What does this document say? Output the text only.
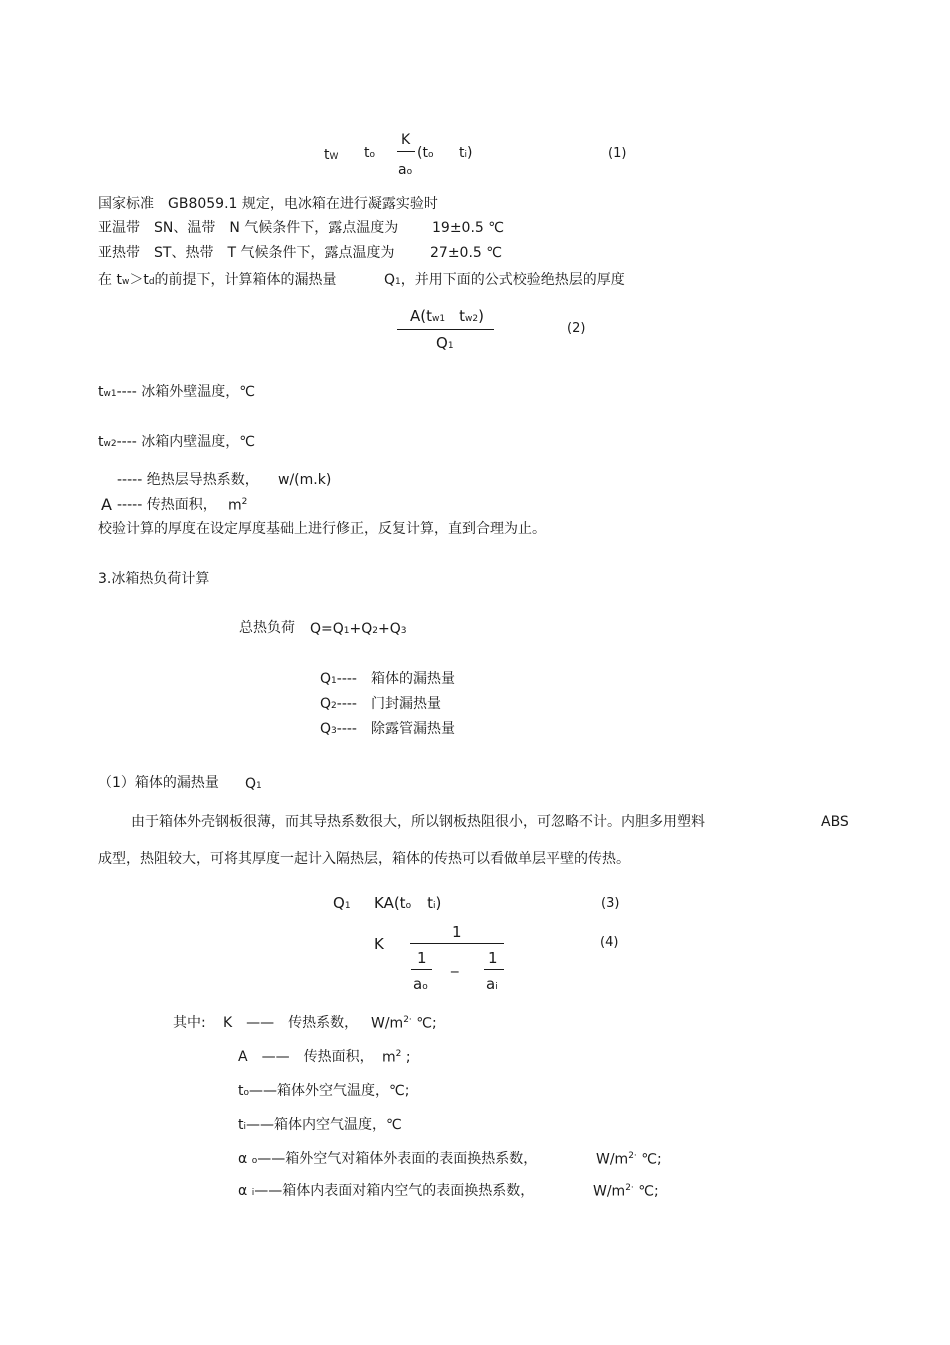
tW to
K
ao
(to ti)	(1)
国家标准　GB8059.1 规定，电冰箱在进行凝露实验时
亚温带　SN、温带　N 气候条件下，露点温度为 19±0.5 ℃
亚热带　ST、热带　T 气候条件下，露点温度为	27±0.5 ℃
在 tw＞td的前提下，计算箱体的漏热量	Q1，并用下面的公式校验绝热层的厚度
A(tw1 tw2)
Q1
(2)
tw1---- 冰箱外壁温度，℃
tw2---- 冰箱内壁温度，℃
----- 绝热层导热系数， w/(m.k)
A ----- 传热面积， $m^2$
校验计算的厚度在设定厚度基础上进行修正，反复计算，直到合理为止。
3.冰箱热负荷计算
总热负荷 Q=Q1+Q2+Q3
Q1----　箱体的漏热量
Q2----　门封漏热量
Q3----　除露管漏热量
（1）箱体的漏热量 Q1
由于箱体外壳钢板很薄，而其导热系数很大，所以钢板热阻很小，可忽略不计。内胆多用塑料	ABS
成型，热阻较大，可将其厚度一起计入隔热层，箱体的传热可以看做单层平壁的传热。
Q1 KA(to ti)	(3)
K
1
1
ao
_ 1
ai
(4)
其中: K　——　传热系数， $W/m^{2\cdot}$ ℃;
A　——　传热面积， $m^2$ ;
to——箱体外空气温度，℃;
ti——箱体内空气温度，℃
α o——箱外空气对箱体外表面的表面换热系数，	$W/m^{2\cdot}$ ℃;
α i——箱体内表面对箱内空气的表面换热系数，	$W/m^{2\cdot}$ ℃;
